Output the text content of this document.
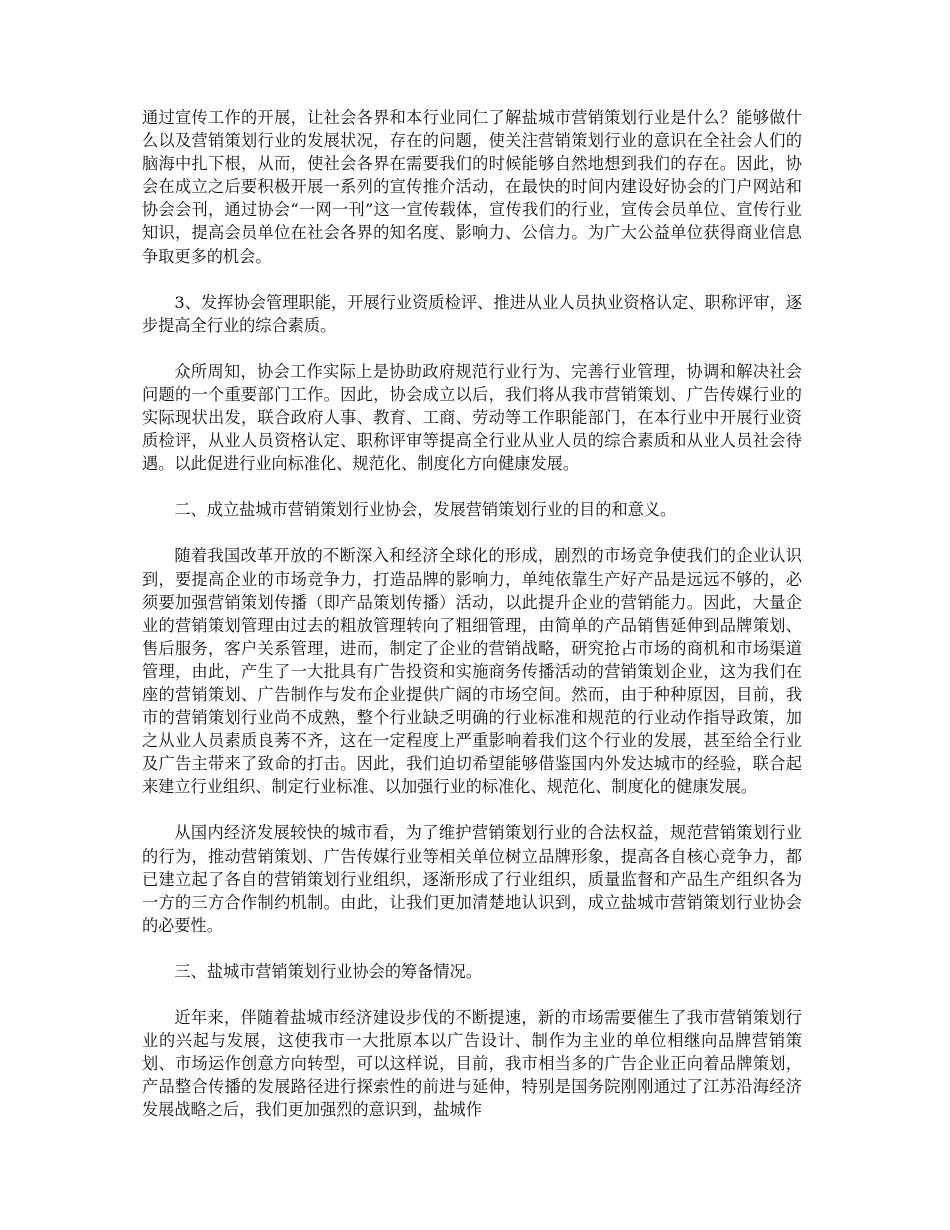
通过宣传工作的开展，让社会各界和本行业同仁了解盐城市营销策划行业是什么？能够做什么以及营销策划行业的发展状况，存在的问题，使关注营销策划行业的意识在全社会人们的脑海中扎下根，从而，使社会各界在需要我们的时候能够自然地想到我们的存在。因此，协会在成立之后要积极开展一系列的宣传推介活动，在最快的时间内建设好协会的门户网站和协会会刊，通过协会“一网一刊”这一宣传载体，宣传我们的行业，宣传会员单位、宣传行业知识，提高会员单位在社会各界的知名度、影响力、公信力。为广大公益单位获得商业信息争取更多的机会。

3、发挥协会管理职能，开展行业资质检评、推进从业人员执业资格认定、职称评审，逐步提高全行业的综合素质。

众所周知，协会工作实际上是协助政府规范行业行为、完善行业管理，协调和解决社会问题的一个重要部门工作。因此，协会成立以后，我们将从我市营销策划、广告传媒行业的实际现状出发，联合政府人事、教育、工商、劳动等工作职能部门，在本行业中开展行业资质检评，从业人员资格认定、职称评审等提高全行业从业人员的综合素质和从业人员社会待遇。以此促进行业向标准化、规范化、制度化方向健康发展。

二、成立盐城市营销策划行业协会，发展营销策划行业的目的和意义。

随着我国改革开放的不断深入和经济全球化的形成，剧烈的市场竞争使我们的企业认识到，要提高企业的市场竞争力，打造品牌的影响力，单纯依靠生产好产品是远远不够的，必须要加强营销策划传播（即产品策划传播）活动，以此提升企业的营销能力。因此，大量企业的营销策划管理由过去的粗放管理转向了粗细管理，由简单的产品销售延伸到品牌策划、售后服务，客户关系管理，进而，制定了企业的营销战略，研究抢占市场的商机和市场渠道管理，由此，产生了一大批具有广告投资和实施商务传播活动的营销策划企业，这为我们在座的营销策划、广告制作与发布企业提供广阔的市场空间。然而，由于种种原因，目前，我市的营销策划行业尚不成熟，整个行业缺乏明确的行业标准和规范的行业动作指导政策，加之从业人员素质良莠不齐，这在一定程度上严重影响着我们这个行业的发展，甚至给全行业及广告主带来了致命的打击。因此，我们迫切希望能够借鉴国内外发达城市的经验，联合起来建立行业组织、制定行业标准、以加强行业的标准化、规范化、制度化的健康发展。

从国内经济发展较快的城市看，为了维护营销策划行业的合法权益，规范营销策划行业的行为，推动营销策划、广告传媒行业等相关单位树立品牌形象，提高各自核心竞争力，都已建立起了各自的营销策划行业组织，逐渐形成了行业组织，质量监督和产品生产组织各为一方的三方合作制约机制。由此，让我们更加清楚地认识到，成立盐城市营销策划行业协会的必要性。

三、盐城市营销策划行业协会的筹备情况。

近年来，伴随着盐城市经济建设步伐的不断提速，新的市场需要催生了我市营销策划行业的兴起与发展，这使我市一大批原本以广告设计、制作为主业的单位相继向品牌营销策划、市场运作创意方向转型，可以这样说，目前，我市相当多的广告企业正向着品牌策划，产品整合传播的发展路径进行探索性的前进与延伸，特别是国务院刚刚通过了江苏沿海经济发展战略之后，我们更加强烈的意识到，盐城作
